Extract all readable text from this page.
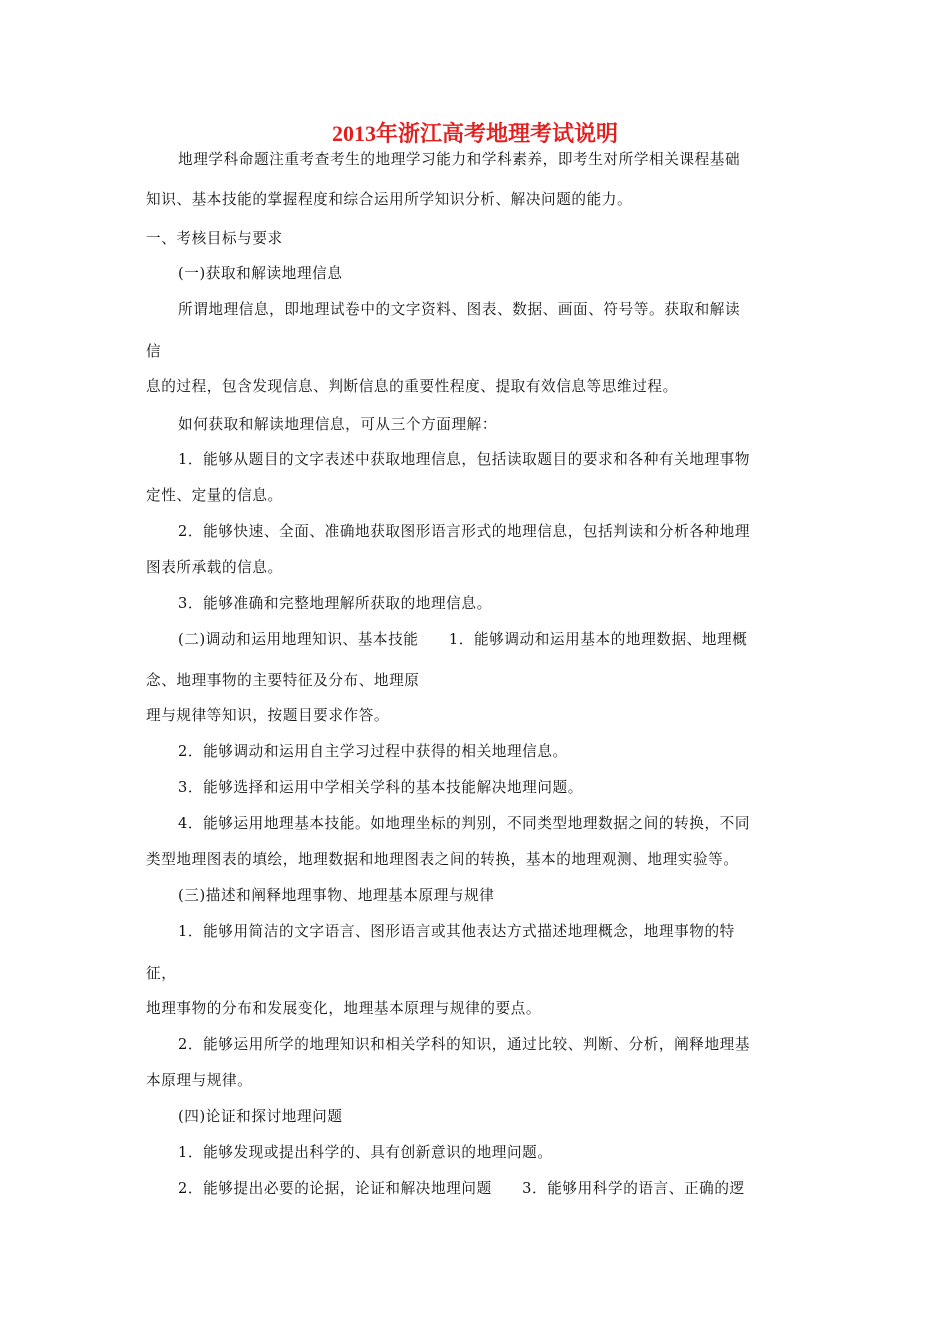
2013年浙江高考地理考试说明
地理学科命题注重考查考生的地理学习能力和学科素养，即考生对所学相关课程基础
知识、基本技能的掌握程度和综合运用所学知识分析、解决问题的能力。
一、考核目标与要求
(一)获取和解读地理信息
所谓地理信息，即地理试卷中的文字资料、图表、数据、画面、符号等。获取和解读
信
息的过程，包含发现信息、判断信息的重要性程度、提取有效信息等思维过程。
如何获取和解读地理信息，可从三个方面理解：
1．能够从题目的文字表述中获取地理信息，包括读取题目的要求和各种有关地理事物
定性、定量的信息。
2．能够快速、全面、准确地获取图形语言形式的地理信息，包括判读和分析各种地理
图表所承载的信息。
3．能够准确和完整地理解所获取的地理信息。
(二)调动和运用地理知识、基本技能　　1．能够调动和运用基本的地理数据、地理概
念、地理事物的主要特征及分布、地理原
理与规律等知识，按题目要求作答。
2．能够调动和运用自主学习过程中获得的相关地理信息。
3．能够选择和运用中学相关学科的基本技能解决地理问题。
4．能够运用地理基本技能。如地理坐标的判别，不同类型地理数据之间的转换，不同
类型地理图表的填绘，地理数据和地理图表之间的转换，基本的地理观测、地理实验等。
(三)描述和阐释地理事物、地理基本原理与规律
1．能够用简洁的文字语言、图形语言或其他表达方式描述地理概念，地理事物的特
征，
地理事物的分布和发展变化，地理基本原理与规律的要点。
2．能够运用所学的地理知识和相关学科的知识，通过比较、判断、分析，阐释地理基
本原理与规律。
(四)论证和探讨地理问题
1．能够发现或提出科学的、具有创新意识的地理问题。
2．能够提出必要的论据，论证和解决地理问题　　3．能够用科学的语言、正确的逻
